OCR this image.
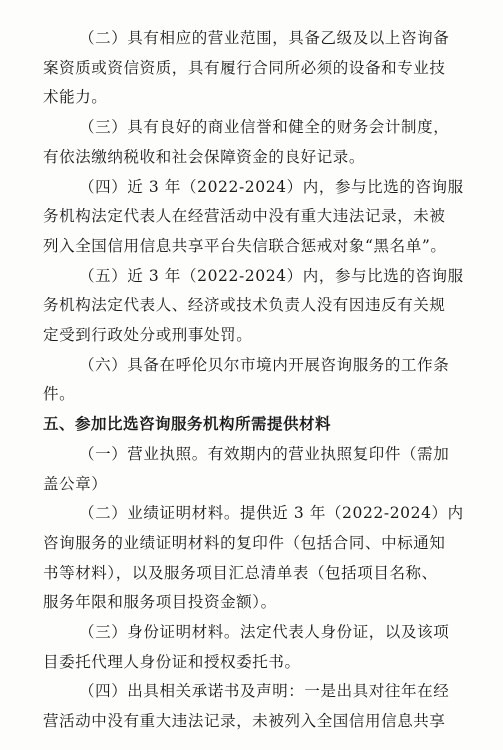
（二）具有相应的营业范围，具备乙级及以上咨询备
案资质或资信资质，具有履行合同所必须的设备和专业技
术能力。
（三）具有良好的商业信誉和健全的财务会计制度，
有依法缴纳税收和社会保障资金的良好记录。
（四）近 3 年（2022-2024）内，参与比选的咨询服
务机构法定代表人在经营活动中没有重大违法记录，未被
列入全国信用信息共享平台失信联合惩戒对象“黑名单”。
（五）近 3 年（2022-2024）内，参与比选的咨询服
务机构法定代表人、经济或技术负责人没有因违反有关规
定受到行政处分或刑事处罚。
（六）具备在呼伦贝尔市境内开展咨询服务的工作条
件。
五、参加比选咨询服务机构所需提供材料
（一）营业执照。有效期内的营业执照复印件（需加
盖公章）
（二）业绩证明材料。提供近 3 年（2022-2024）内
咨询服务的业绩证明材料的复印件（包括合同、中标通知
书等材料），以及服务项目汇总清单表（包括项目名称、
服务年限和服务项目投资金额）。
（三）身份证明材料。法定代表人身份证，以及该项
目委托代理人身份证和授权委托书。
（四）出具相关承诺书及声明：一是出具对往年在经
营活动中没有重大违法记录，未被列入全国信用信息共享
